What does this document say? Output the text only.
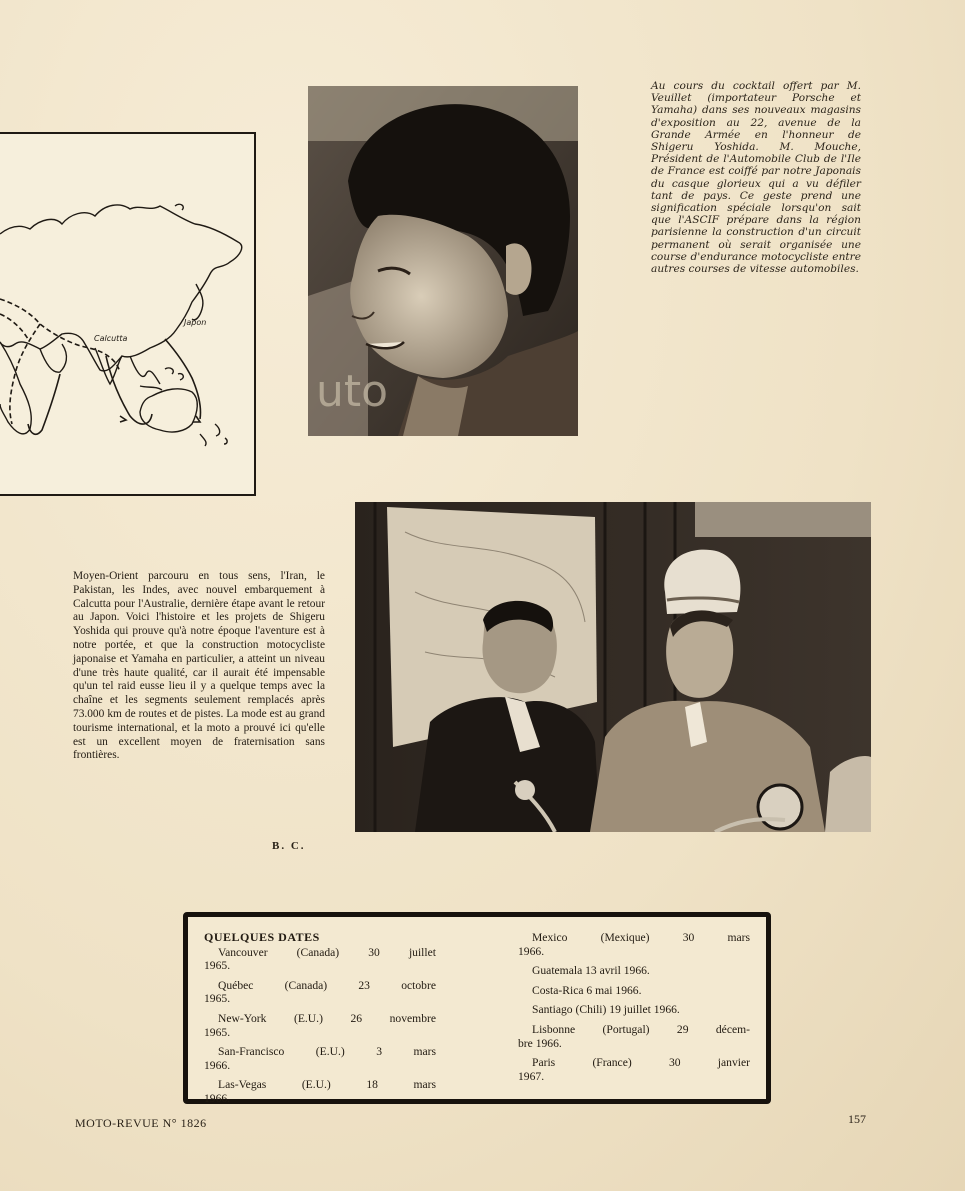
Calcutta
Japon
uto
Au cours du cocktail offert par M. Veuillet (importateur Porsche et Yamaha) dans ses nouveaux magasins d'exposition au 22, avenue de la Grande Armée en l'honneur de Shigeru Yoshida. M. Mouche, Président de l'Automobile Club de l'Ile de France est coiffé par notre Japonais du casque glorieux qui a vu défiler tant de pays. Ce geste prend une signification spéciale lorsqu'on sait que l'ASCIF prépare dans la région parisienne la construction d'un circuit permanent où serait organisée une course d'endurance motocycliste entre autres courses de vitesse automobiles.
Moyen-Orient parcouru en tous sens, l'Iran, le Pakistan, les Indes, avec nouvel embarquement à Calcutta pour l'Australie, dernière étape avant le retour au Japon. Voici l'histoire et les projets de Shigeru Yoshida qui prouve qu'à notre époque l'aventure est à notre portée, et que la construction motocycliste japonaise et Yamaha en particulier, a atteint un niveau d'une très haute qualité, car il aurait été impensable qu'un tel raid eusse lieu il y a quelque temps avec la chaîne et les segments seulement remplacés après 73.000 km de routes et de pistes. La mode est au grand tourisme international, et la moto a prouvé ici qu'elle est un excellent moyen de fraternisation sans frontières.
B. C.
QUELQUES DATES
Vancouver (Canada) 30 juillet
1965.
Québec (Canada) 23 octobre
1965.
New-York (E.U.) 26 novembre
1965.
San-Francisco (E.U.) 3 mars
1966.
Las-Vegas (E.U.) 18 mars
1966.
Mexico (Mexique) 30 mars
1966.
Guatemala 13 avril 1966.
Costa-Rica 6 mai 1966.
Santiago (Chili) 19 juillet 1966.
Lisbonne (Portugal) 29 décem-
bre 1966.
Paris (France) 30 janvier
1967.
MOTO-REVUE N° 1826	157
